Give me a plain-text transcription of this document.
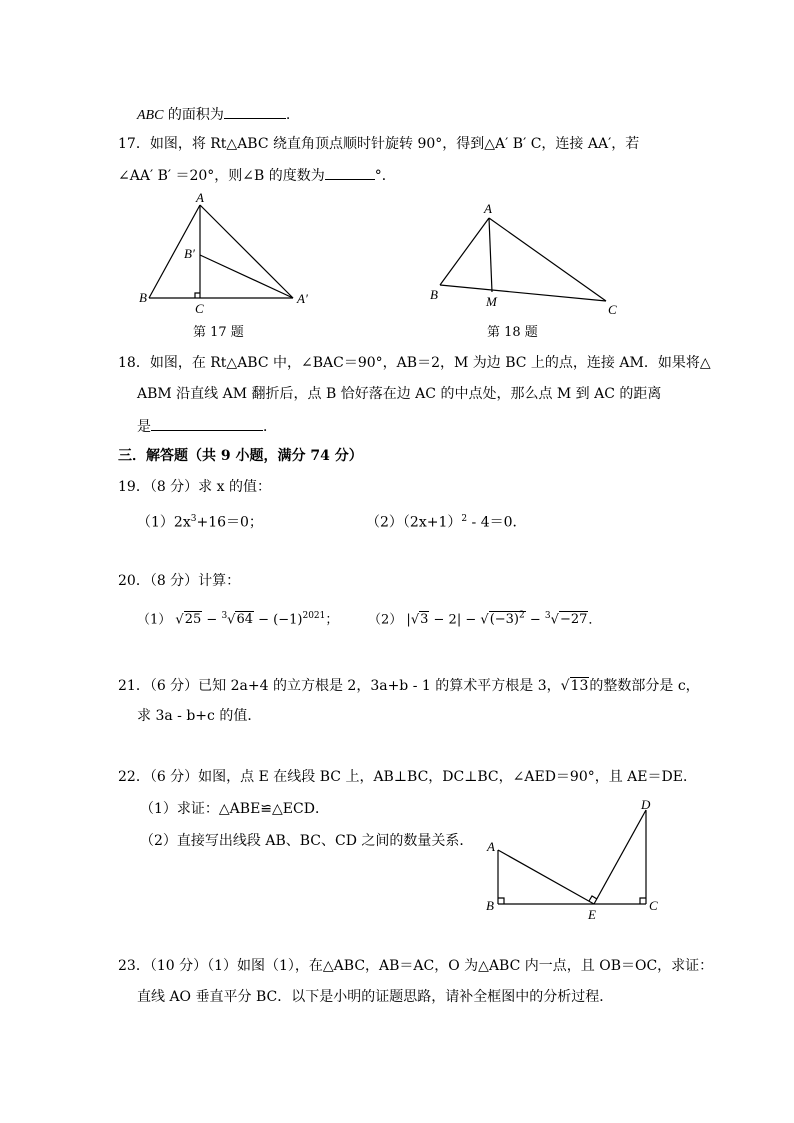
ABC 的面积为	.
17．如图，将 Rt△ABC 绕直角顶点顺时针旋转 90°，得到△A′ B′ C，连接 AA′，若
∠AA′ B′ ＝20°，则∠B 的度数为	°．
A
B
C
B′
A′
第 17 题
A
B
C
M
第 18 题
18．如图，在 Rt△ABC 中，∠BAC＝90°，AB＝2，M 为边 BC 上的点，连接 AM．如果将△
ABM 沿直线 AM 翻折后，点 B 恰好落在边 AC 的中点处，那么点 M 到 AC 的距离
是	．
三．解答题（共 9 小题，满分 74 分）
19．（8 分）求 x 的值：
$(1)2x^3+16=0$；	$(2)(2x+1)^2 - 4=0$．
20．（8 分）计算：
（1） $√25 - ^3√64 - (-1)^{2021}$； （2） $|√3 - 2| - √(-3)^2 - ^3√-27$．
21．（6 分）已知 2a+4 的立方根是 2，3a+b - 1 的算术平方根是 3，√13的整数部分是 c，
求 3a - b+c 的值．
22．（6 分）如图，点 E 在线段 BC 上，AB⊥BC，DC⊥BC，∠AED＝90°，且 AE＝DE．
（1）求证：△ABE≌△ECD．
（2）直接写出线段 AB、BC、CD 之间的数量关系． A
B	C
D
E
23．（10 分）（1）如图（1），在△ABC，AB＝AC，O 为△ABC 内一点，且 OB＝OC，求证：
直线 AO 垂直平分 BC．以下是小明的证题思路，请补全框图中的分析过程．
